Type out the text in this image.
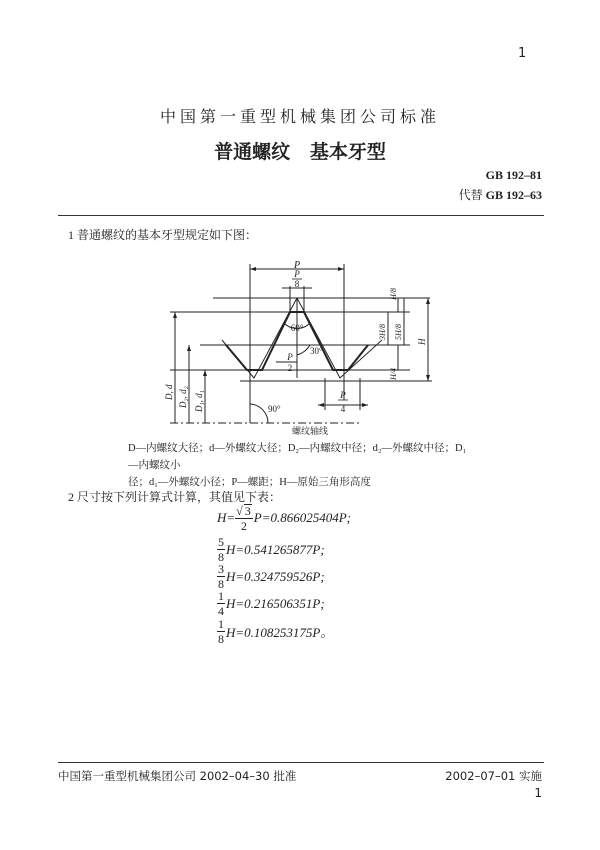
1
中国第一重型机械集团公司标准
普通螺纹   基本牙型
GB 192–81
代替 GB 192–63
1 普通螺纹的基本牙型规定如下图：
P
P
8
60°
30°
P
2
P
4
90°
螺纹轴线
H
H/8
3H/8 5H/8
H/4
D, d D₂, d₂ D₁, d₁
D—内螺纹大径；d—外螺纹大径；D₂—内螺纹中径；d₂—外螺纹中径；D₁—内螺纹小
径；d₁—外螺纹小径；P—螺距；H—原始三角形高度
2 尺寸按下列计算式计算，其值见下表：
$H= \frac{√ 3}{2} P=0.866025404P$;
$\frac{5}{8} H=0.541265877P$;
$\frac{3}{8} H=0.324759526P$;
$\frac{1}{4} H=0.216506351P$;
$\frac{1}{8} H=0.108253175P$。
中国第一重型机械集团公司 2002–04–30 批准	2002–07–01 实施
1
